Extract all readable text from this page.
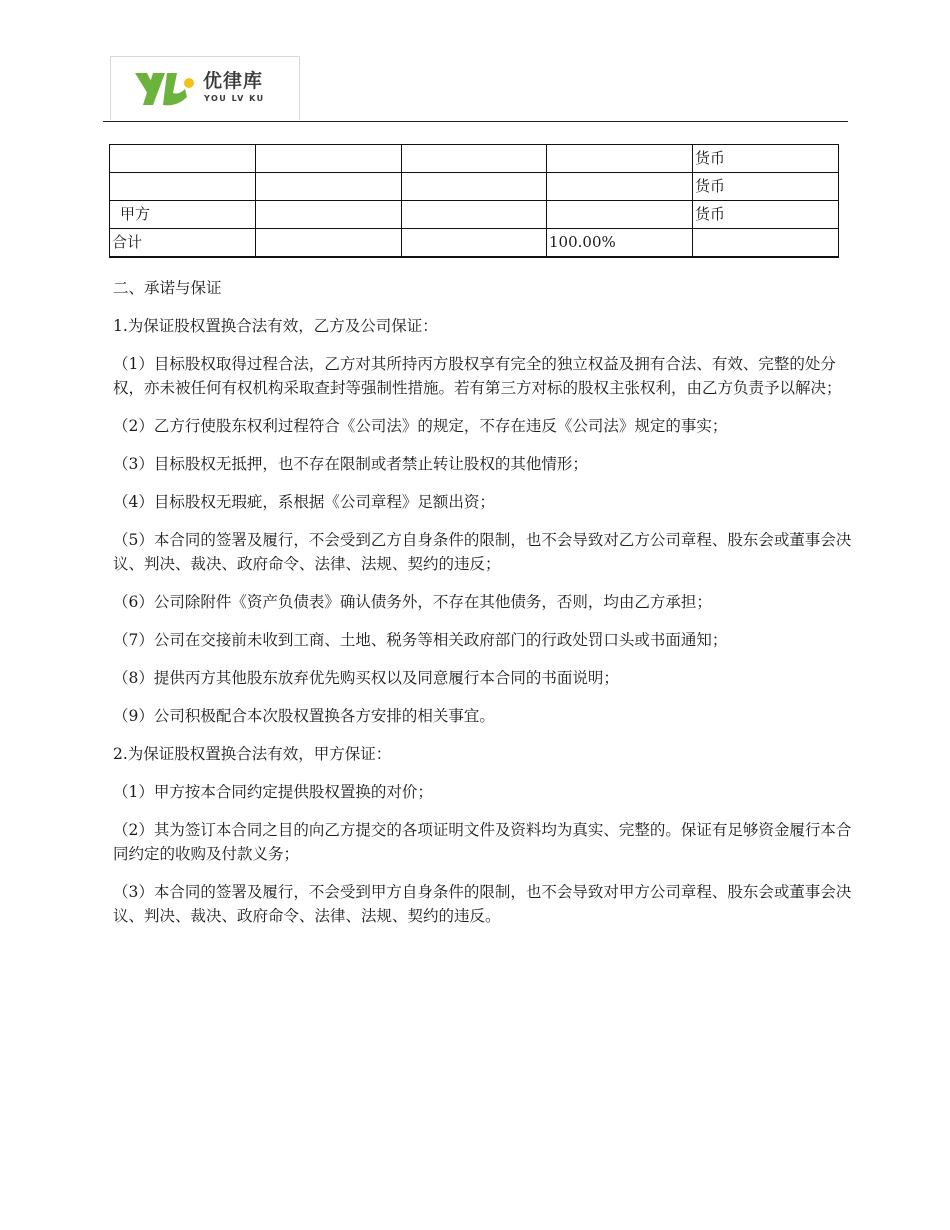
优律库
YOU LV KU
				货币
				货币
甲方				货币
合计			100.00%	

二、承诺与保证

1.为保证股权置换合法有效，乙方及公司保证：

（1）目标股权取得过程合法，乙方对其所持丙方股权享有完全的独立权益及拥有合法、有效、完整的处分权，亦未被任何有权机构采取查封等强制性措施。若有第三方对标的股权主张权利，由乙方负责予以解决；

（2）乙方行使股东权利过程符合《公司法》的规定，不存在违反《公司法》规定的事实；

（3）目标股权无抵押，也不存在限制或者禁止转让股权的其他情形；

（4）目标股权无瑕疵，系根据《公司章程》足额出资；

（5）本合同的签署及履行，不会受到乙方自身条件的限制，也不会导致对乙方公司章程、股东会或董事会决议、判决、裁决、政府命令、法律、法规、契约的违反；

（6）公司除附件《资产负债表》确认债务外，不存在其他债务，否则，均由乙方承担；

（7）公司在交接前未收到工商、土地、税务等相关政府部门的行政处罚口头或书面通知；

（8）提供丙方其他股东放弃优先购买权以及同意履行本合同的书面说明；

（9）公司积极配合本次股权置换各方安排的相关事宜。

2.为保证股权置换合法有效，甲方保证：

（1）甲方按本合同约定提供股权置换的对价；

（2）其为签订本合同之目的向乙方提交的各项证明文件及资料均为真实、完整的。保证有足够资金履行本合同约定的收购及付款义务；

（3）本合同的签署及履行，不会受到甲方自身条件的限制，也不会导致对甲方公司章程、股东会或董事会决议、判决、裁决、政府命令、法律、法规、契约的违反。
